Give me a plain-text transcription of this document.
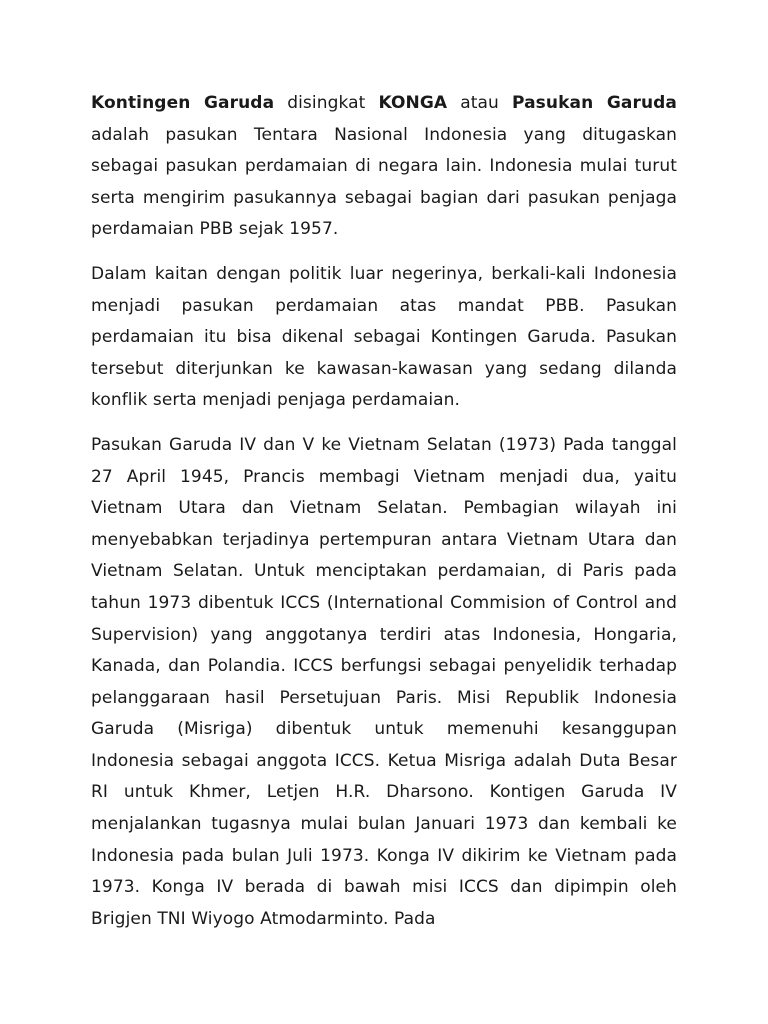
Kontingen Garuda disingkat KONGA atau Pasukan Garuda adalah pasukan Tentara Nasional Indonesia yang ditugaskan sebagai pasukan perdamaian di negara lain. Indonesia mulai turut serta mengirim pasukannya sebagai bagian dari pasukan penjaga perdamaian PBB sejak 1957.

Dalam kaitan dengan politik luar negerinya, berkali-kali Indonesia menjadi pasukan perdamaian atas mandat PBB. Pasukan perdamaian itu bisa dikenal sebagai Kontingen Garuda. Pasukan tersebut diterjunkan ke kawasan-kawasan yang sedang dilanda konflik serta menjadi penjaga perdamaian.

Pasukan Garuda IV dan V ke Vietnam Selatan (1973) Pada tanggal 27 April 1945, Prancis membagi Vietnam menjadi dua, yaitu Vietnam Utara dan Vietnam Selatan. Pembagian wilayah ini menyebabkan terjadinya pertempuran antara Vietnam Utara dan Vietnam Selatan. Untuk menciptakan perdamaian, di Paris pada tahun 1973 dibentuk ICCS (International Commision of Control and Supervision) yang anggotanya terdiri atas Indonesia, Hongaria, Kanada, dan Polandia. ICCS berfungsi sebagai penyelidik terhadap pelanggaraan hasil Persetujuan Paris. Misi Republik Indonesia Garuda (Misriga) dibentuk untuk memenuhi kesanggupan Indonesia sebagai anggota ICCS. Ketua Misriga adalah Duta Besar RI untuk Khmer, Letjen H.R. Dharsono. Kontigen Garuda IV menjalankan tugasnya mulai bulan Januari 1973 dan kembali ke Indonesia pada bulan Juli 1973. Konga IV dikirim ke Vietnam pada 1973. Konga IV berada di bawah misi ICCS dan dipimpin oleh Brigjen TNI Wiyogo Atmodarminto. Pada
